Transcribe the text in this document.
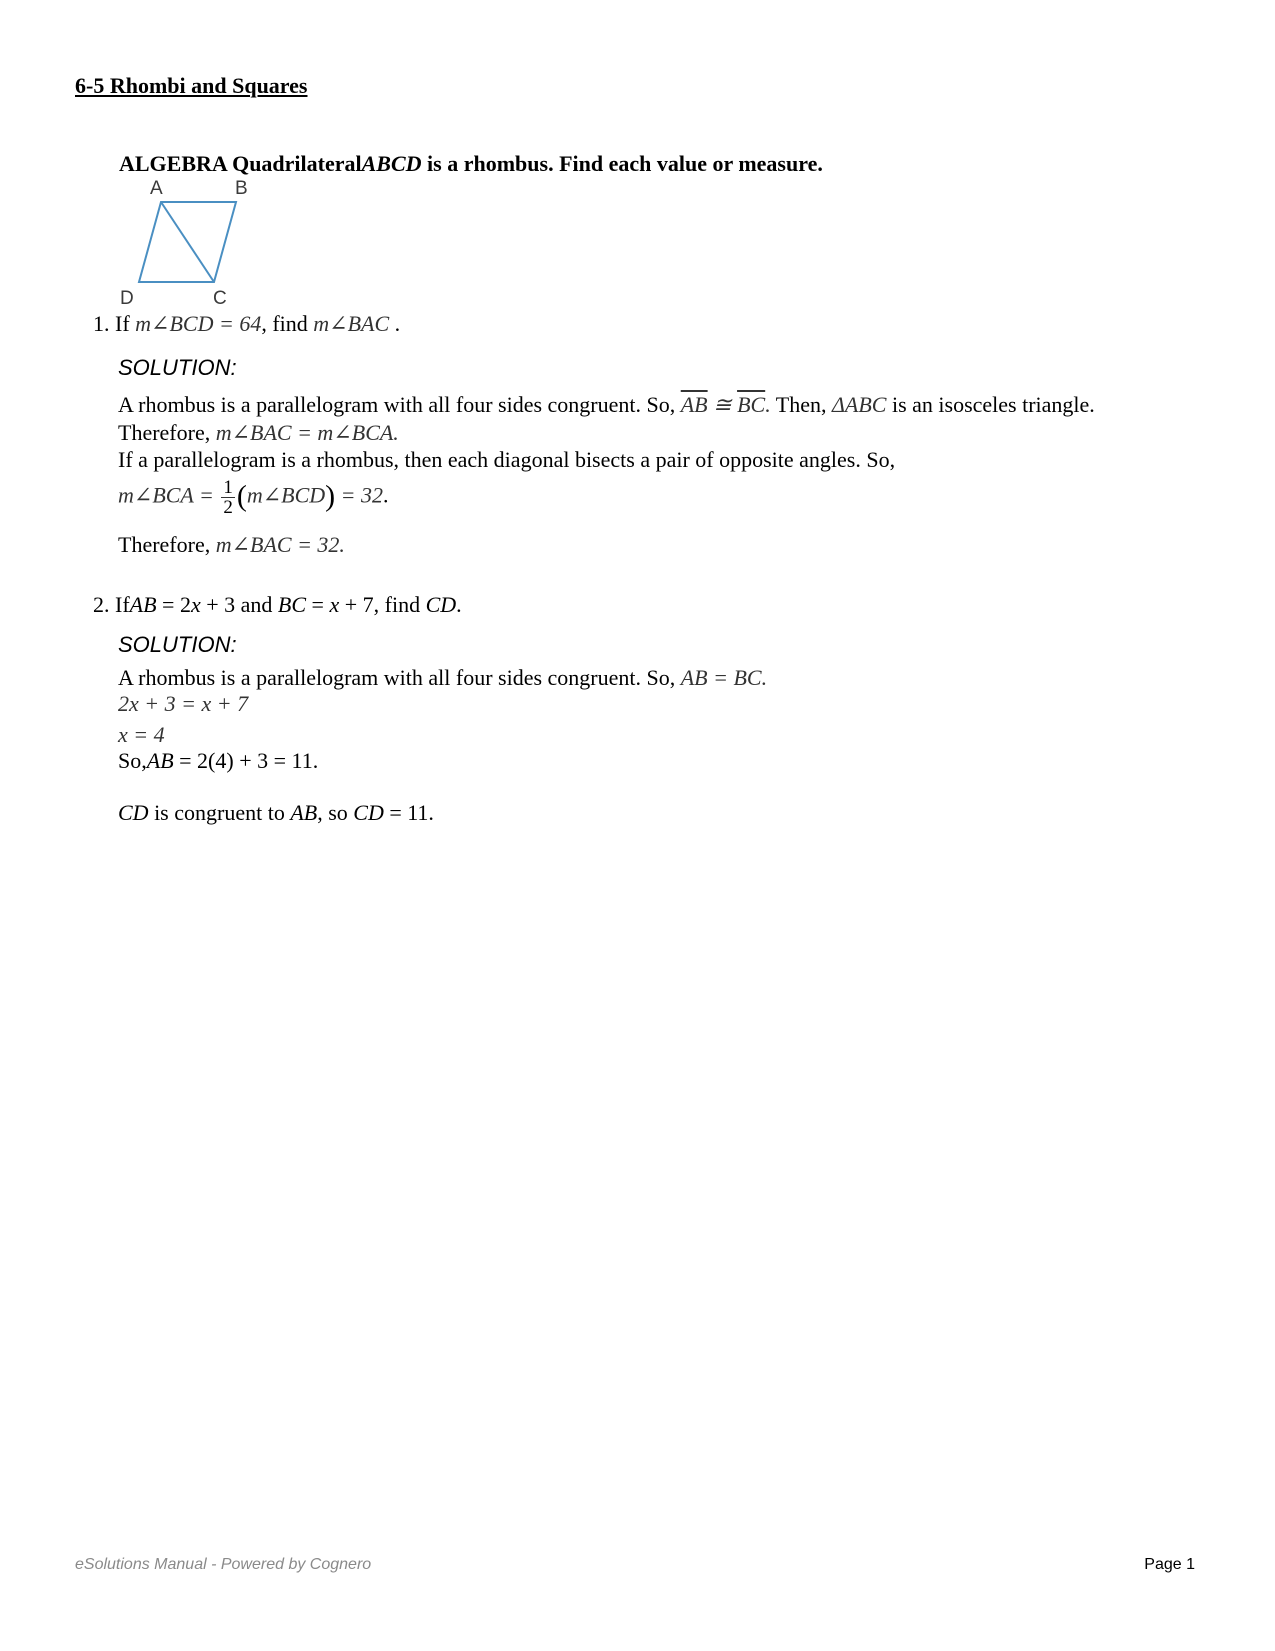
6-5 Rhombi and Squares
ALGEBRA QuadrilateralABCD is a rhombus. Find each value or measure.
A	B
C
D
1. If m∠BCD = 64, find m∠BAC .
SOLUTION:
A rhombus is a parallelogram with all four sides congruent. So, $\overline{AB}$ ≅ $\overline{BC}$. Then, ΔABC is an isosceles triangle.
Therefore, m∠BAC = m∠BCA.
If a parallelogram is a rhombus, then each diagonal bisects a pair of opposite angles. So,
m∠BCA = $\frac{1}{2}$ (m∠BCD) = 32.
Therefore, m∠BAC = 32.
2. IfAB = 2x + 3 and BC = x + 7, find CD.
SOLUTION:
A rhombus is a parallelogram with all four sides congruent. So, AB = BC.
2x + 3 = x + 7
x = 4
So,AB = 2(4) + 3 = 11.
CD is congruent to AB, so CD = 11.
eSolutions Manual - Powered by Cognero	Page 1
